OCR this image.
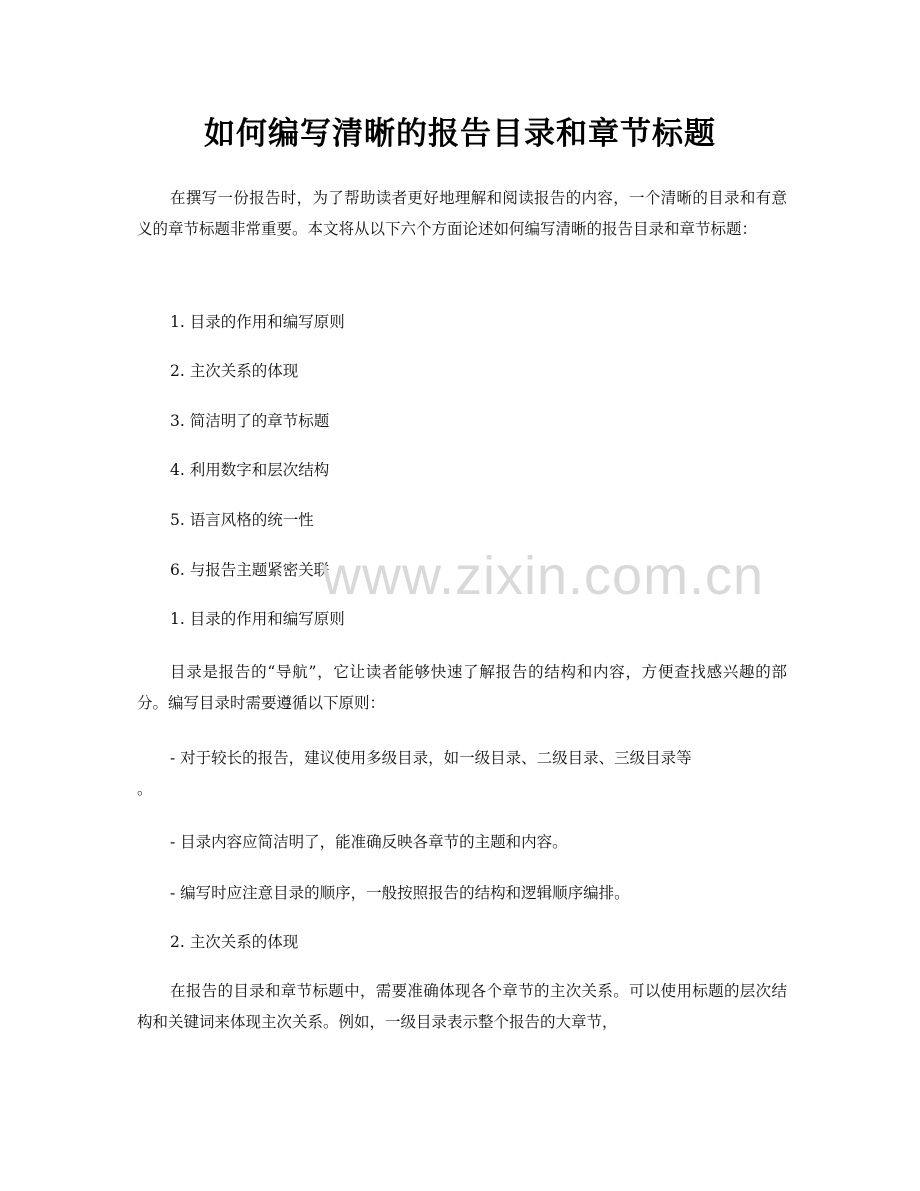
如何编写清晰的报告目录和章节标题

在撰写一份报告时，为了帮助读者更好地理解和阅读报告的内容，一个清晰的目录和有意义的章节标题非常重要。本文将从以下六个方面论述如何编写清晰的报告目录和章节标题：

1. 目录的作用和编写原则

2. 主次关系的体现

3. 简洁明了的章节标题

4. 利用数字和层次结构

5. 语言风格的统一性

6. 与报告主题紧密关联

1. 目录的作用和编写原则

目录是报告的“导航”，它让读者能够快速了解报告的结构和内容，方便查找感兴趣的部分。编写目录时需要遵循以下原则：

- 对于较长的报告，建议使用多级目录，如一级目录、二级目录、三级目录等
。

- 目录内容应简洁明了，能准确反映各章节的主题和内容。

- 编写时应注意目录的顺序，一般按照报告的结构和逻辑顺序编排。

2. 主次关系的体现

在报告的目录和章节标题中，需要准确体现各个章节的主次关系。可以使用标题的层次结构和关键词来体现主次关系。例如，一级目录表示整个报告的大章节，

www.zixin.com.cn
